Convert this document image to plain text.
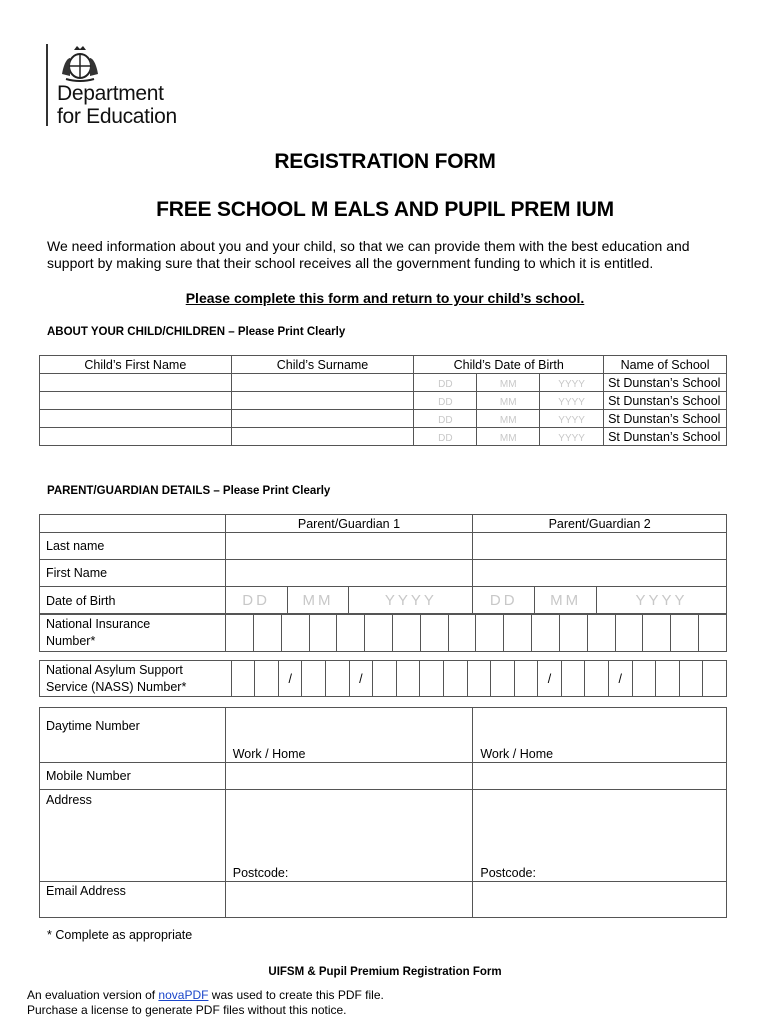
Department
for Education
REGISTRATION FORM
FREE SCHOOL M EALS AND PUPIL PREM IUM
We need information about you and your child, so that we can provide them with the best education and support by making sure that their school receives all the government funding to which it is entitled.
Please complete this form and return to your child’s school.
ABOUT YOUR CHILD/CHILDREN – Please Print Clearly
Child’s First Name	Child’s Surname	Child’s Date of Birth			Name of School
		DD	MM	YYYY	St Dunstan’s School
		DD	MM	YYYY	St Dunstan’s School
		DD	MM	YYYY	St Dunstan’s School
		DD	MM	YYYY	St Dunstan’s School
PARENT/GUARDIAN DETAILS – Please Print Clearly
	Parent/Guardian 1			Parent/Guardian 2		
Last name						
First Name						
Date of Birth	DD	MM	YYYY	DD	MM	YYYY
National Insurance
Number*

National Asylum Support
Service (NASS) Number*
			/			/								/			/				
Daytime Number	Work / Home	Work / Home
Mobile Number		
Address	Postcode:	Postcode:
Email Address		
* Complete as appropriate
UIFSM & Pupil Premium Registration Form
An evaluation version of novaPDF was used to create this PDF file.
Purchase a license to generate PDF files without this notice.
